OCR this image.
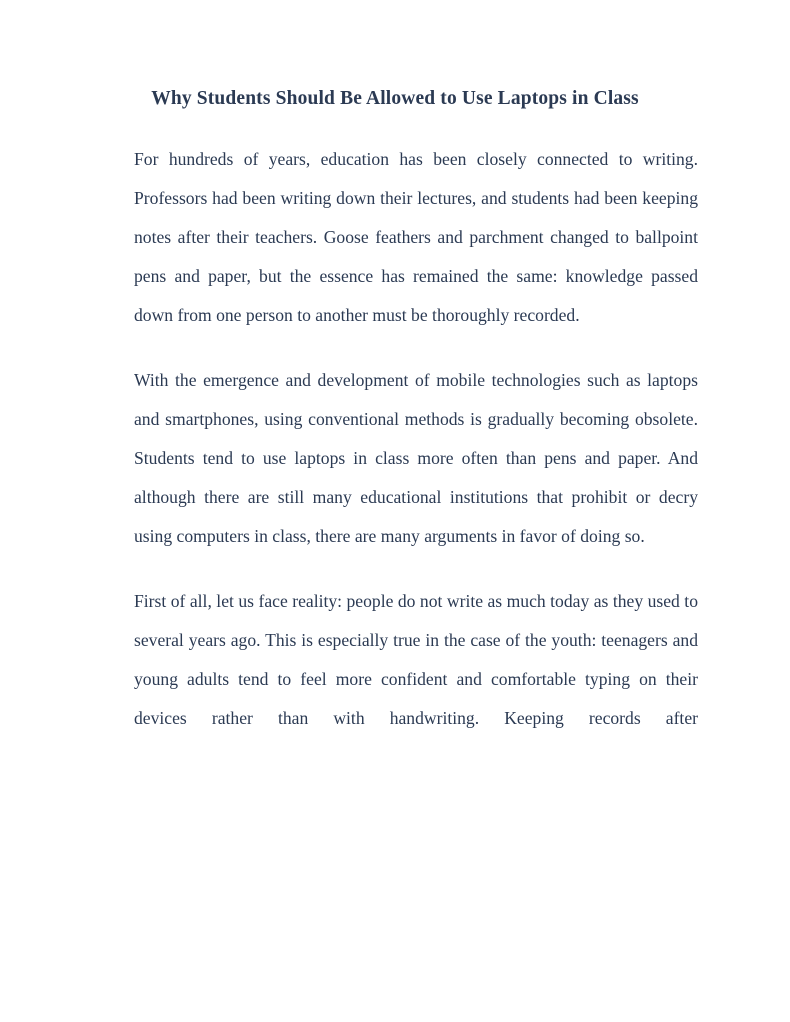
Why Students Should Be Allowed to Use Laptops in Class

For hundreds of years, education has been closely connected to writing. Professors had been writing down their lectures, and students had been keeping notes after their teachers. Goose feathers and parchment changed to ballpoint pens and paper, but the essence has remained the same: knowledge passed down from one person to another must be thoroughly recorded.

With the emergence and development of mobile technologies such as laptops and smartphones, using conventional methods is gradually becoming obsolete. Students tend to use laptops in class more often than pens and paper. And although there are still many educational institutions that prohibit or decry using computers in class, there are many arguments in favor of doing so.

First of all, let us face reality: people do not write as much today as they used to several years ago. This is especially true in the case of the youth: teenagers and young adults tend to feel more confident and comfortable typing on their devices rather than with handwriting. Keeping records after
